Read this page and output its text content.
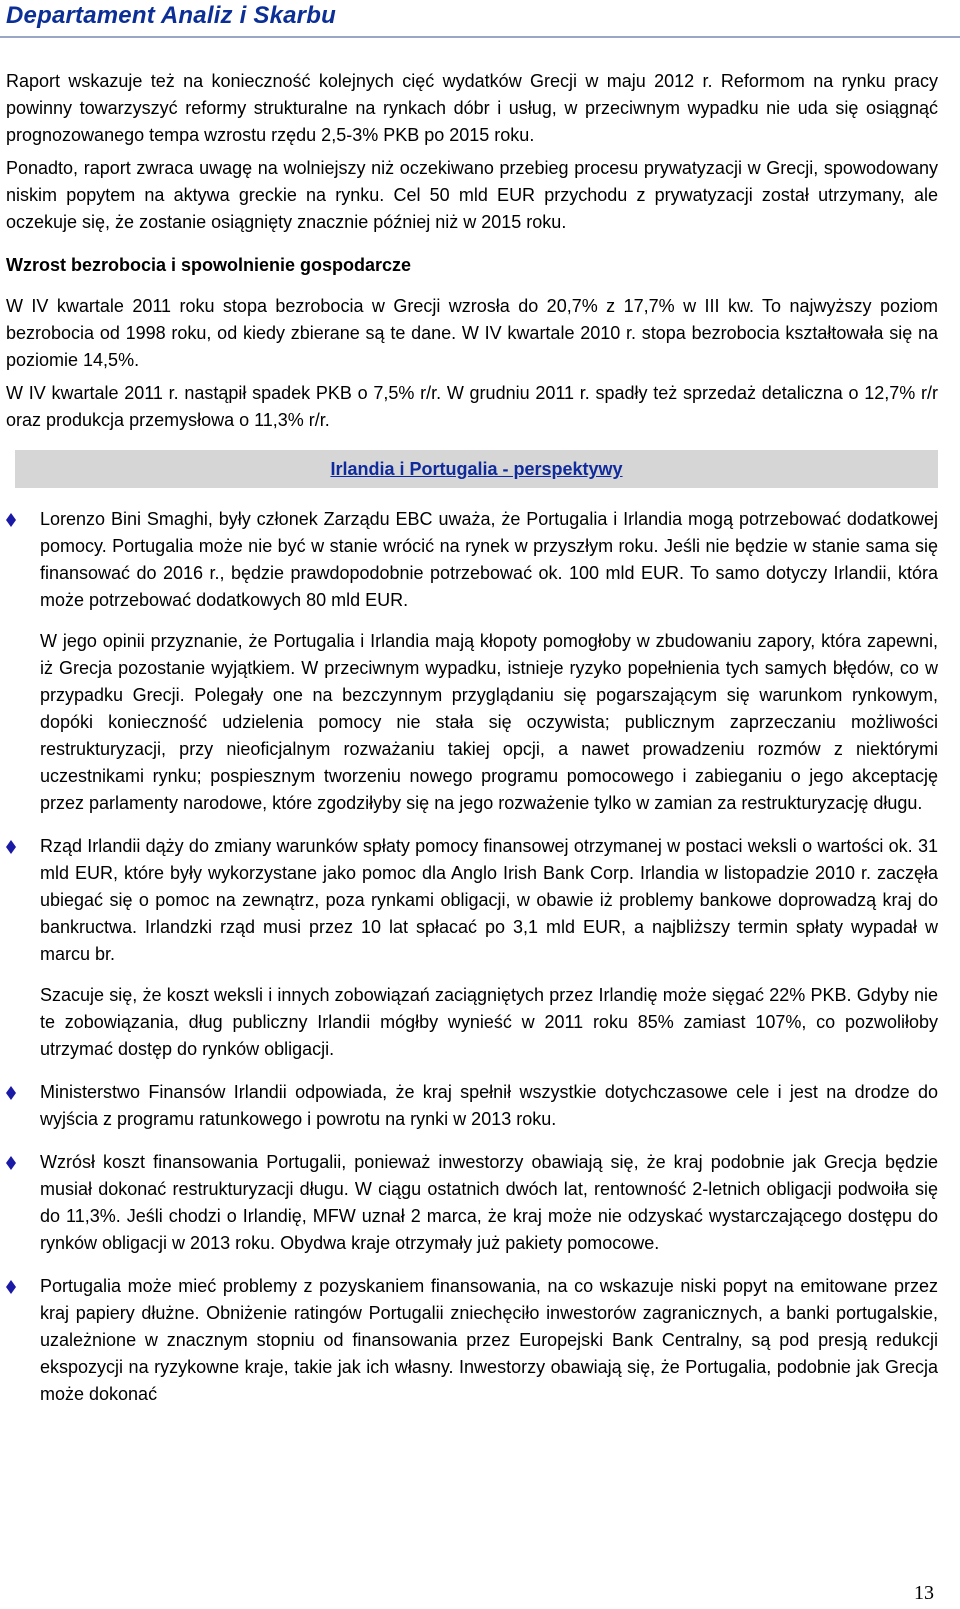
Departament Analiz i Skarbu

Raport wskazuje też na konieczność kolejnych cięć wydatków Grecji w maju 2012 r. Reformom na rynku pracy powinny towarzyszyć reformy strukturalne na rynkach dóbr i usług, w przeciwnym wypadku nie uda się osiągnąć prognozowanego tempa wzrostu rzędu 2,5-3% PKB po 2015 roku.

Ponadto, raport zwraca uwagę na wolniejszy niż oczekiwano przebieg procesu prywatyzacji w Grecji, spowodowany niskim popytem na aktywa greckie na rynku. Cel 50 mld EUR przychodu z prywatyzacji został utrzymany, ale oczekuje się, że zostanie osiągnięty znacznie później niż w 2015 roku.

Wzrost bezrobocia i spowolnienie gospodarcze

W IV kwartale 2011 roku stopa bezrobocia w Grecji wzrosła do 20,7% z 17,7% w III kw. To najwyższy poziom bezrobocia od 1998 roku, od kiedy zbierane są te dane. W IV kwartale 2010 r. stopa bezrobocia kształtowała się na poziomie 14,5%.

W IV kwartale 2011 r. nastąpił spadek PKB o 7,5% r/r. W grudniu 2011 r. spadły też sprzedaż detaliczna o 12,7% r/r oraz produkcja przemysłowa o 11,3% r/r.

Irlandia i Portugalia - perspektywy

Lorenzo Bini Smaghi, były członek Zarządu EBC uważa, że Portugalia i Irlandia mogą potrzebować dodatkowej pomocy. Portugalia może nie być w stanie wrócić na rynek w przyszłym roku. Jeśli nie będzie w stanie sama się finansować do 2016 r., będzie prawdopodobnie potrzebować ok. 100 mld EUR. To samo dotyczy Irlandii, która może potrzebować dodatkowych 80 mld EUR.

W jego opinii przyznanie, że Portugalia i Irlandia mają kłopoty pomogłoby w zbudowaniu zapory, która zapewni, iż Grecja pozostanie wyjątkiem. W przeciwnym wypadku, istnieje ryzyko popełnienia tych samych błędów, co w przypadku Grecji. Polegały one na bezczynnym przyglądaniu się pogarszającym się warunkom rynkowym, dopóki konieczność udzielenia pomocy nie stała się oczywista; publicznym zaprzeczaniu możliwości restrukturyzacji, przy nieoficjalnym rozważaniu takiej opcji, a nawet prowadzeniu rozmów z niektórymi uczestnikami rynku; pospiesznym tworzeniu nowego programu pomocowego i zabieganiu o jego akceptację przez parlamenty narodowe, które zgodziłyby się na jego rozważenie tylko w zamian za restrukturyzację długu.

Rząd Irlandii dąży do zmiany warunków spłaty pomocy finansowej otrzymanej w postaci weksli o wartości ok. 31 mld EUR, które były wykorzystane jako pomoc dla Anglo Irish Bank Corp. Irlandia w listopadzie 2010 r. zaczęła ubiegać się o pomoc na zewnątrz, poza rynkami obligacji, w obawie iż problemy bankowe doprowadzą kraj do bankructwa. Irlandzki rząd musi przez 10 lat spłacać po 3,1 mld EUR, a najbliższy termin spłaty wypadał w marcu br.

Szacuje się, że koszt weksli i innych zobowiązań zaciągniętych przez Irlandię może sięgać 22% PKB. Gdyby nie te zobowiązania, dług publiczny Irlandii mógłby wynieść w 2011 roku 85% zamiast 107%, co pozwoliłoby utrzymać dostęp do rynków obligacji.

Ministerstwo Finansów Irlandii odpowiada, że kraj spełnił wszystkie dotychczasowe cele i jest na drodze do wyjścia z programu ratunkowego i powrotu na rynki w 2013 roku.

Wzrósł koszt finansowania Portugalii, ponieważ inwestorzy obawiają się, że kraj podobnie jak Grecja będzie musiał dokonać restrukturyzacji długu. W ciągu ostatnich dwóch lat, rentowność 2-letnich obligacji podwoiła się do 11,3%. Jeśli chodzi o Irlandię, MFW uznał 2 marca, że kraj może nie odzyskać wystarczającego dostępu do rynków obligacji w 2013 roku. Obydwa kraje otrzymały już pakiety pomocowe.

Portugalia może mieć problemy z pozyskaniem finansowania, na co wskazuje niski popyt na emitowane przez kraj papiery dłużne. Obniżenie ratingów Portugalii zniechęciło inwestorów zagranicznych, a banki portugalskie, uzależnione w znacznym stopniu od finansowania przez Europejski Bank Centralny, są pod presją redukcji ekspozycji na ryzykowne kraje, takie jak ich własny. Inwestorzy obawiają się, że Portugalia, podobnie jak Grecja może dokonać

13
